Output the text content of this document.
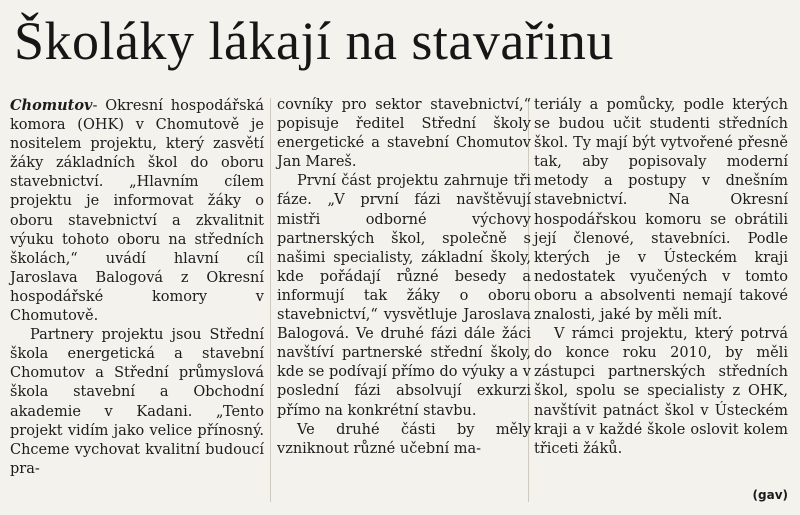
Školáky lákají na stavařinu

Chomutov- Okresní hospodářská komora (OHK) v Chomutově je nositelem projektu, který zasvětí žáky základních škol do oboru stavebnictví. „Hlavním cílem projektu je informovat žáky o oboru stavebnictví a zkvalitnit výuku tohoto oboru na středních školách,“ uvádí hlavní cíl Jaroslava Balogová z Okresní hospodářské komory v Chomutově.

Partnery projektu jsou Střední škola energetická a stavební Chomutov a Střední průmyslová škola stavební a Obchodní akademie v Kadani. „Tento projekt vidím jako velice přínosný. Chceme vychovat kvalitní budoucí pra-

covníky pro sektor stavebnictví,“ popisuje ředitel Střední školy energetické a stavební Chomutov Jan Mareš.

První část projektu zahrnuje tři fáze. „V první fázi navštěvují mistři odborné výchovy partnerských škol, společně s našimi specialisty, základní školy, kde pořádají různé besedy a informují tak žáky o oboru stavebnictví,“ vysvětluje Jaroslava Balogová. Ve druhé fázi dále žáci navštíví partnerské střední školy, kde se podívají přímo do výuky a v poslední fázi absolvují exkurzi přímo na konkrétní stavbu.

Ve druhé části by měly vzniknout různé učební ma-

teriály a pomůcky, podle kterých se budou učit studenti středních škol. Ty mají být vytvořené přesně tak, aby popisovaly moderní metody a postupy v dnešním stavebnictví. Na Okresní hospodářskou komoru se obrátili její členové, stavebníci. Podle kterých je v Ústeckém kraji nedostatek vyučených v tomto oboru a absolventi nemají takové znalosti, jaké by měli mít.

V rámci projektu, který potrvá do konce roku 2010, by měli zástupci partnerských středních škol, spolu se specialisty z OHK, navštívit patnáct škol v Ústeckém kraji a v každé škole oslovit kolem třiceti žáků.

(gav)
